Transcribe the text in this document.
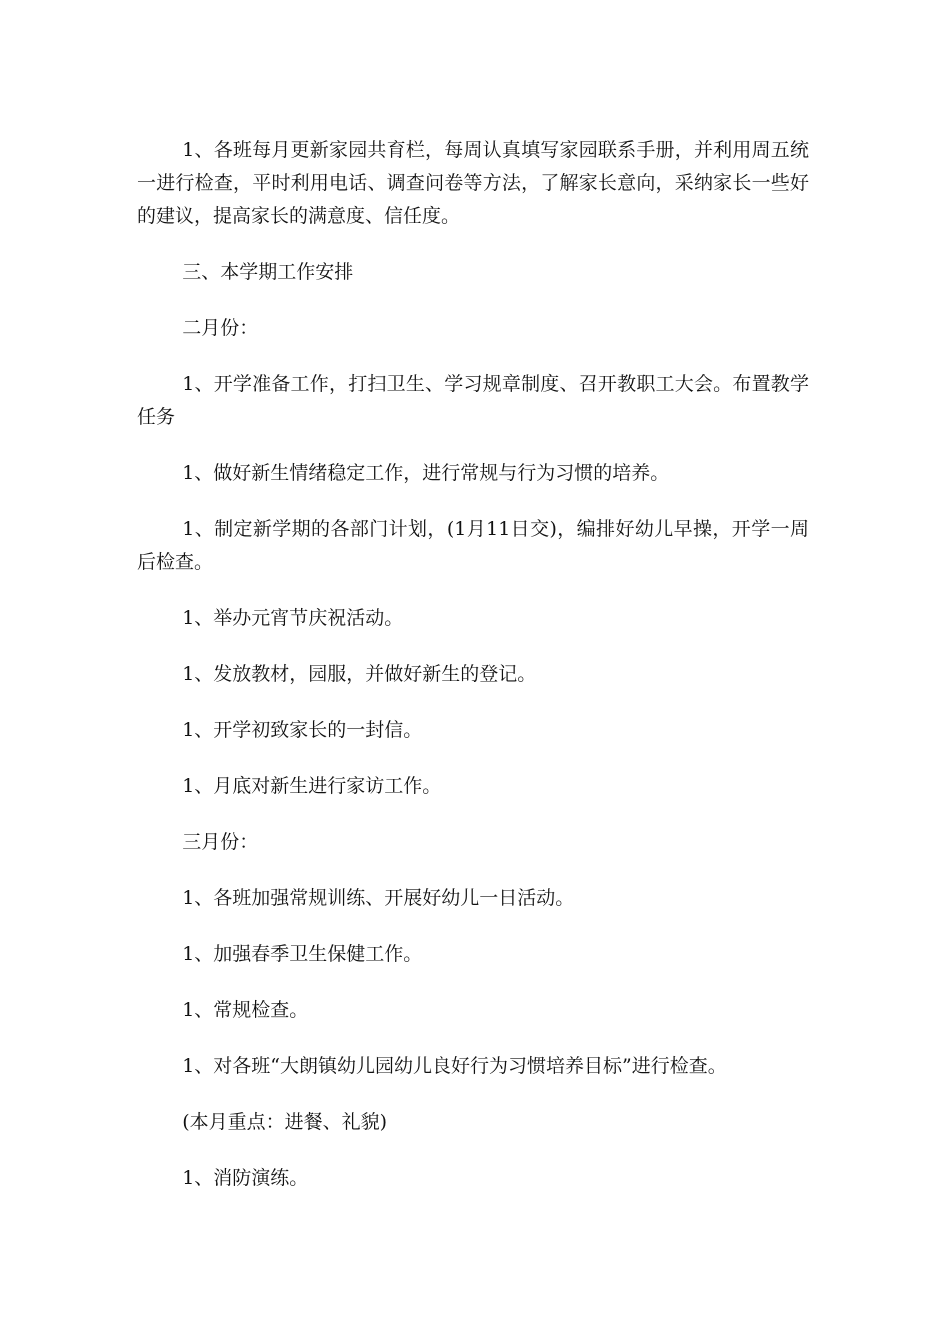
1、各班每月更新家园共育栏，每周认真填写家园联系手册，并利用周五统一进行检查，平时利用电话、调查问卷等方法，了解家长意向，采纳家长一些好的建议，提高家长的满意度、信任度。

三、本学期工作安排

二月份：

1、开学准备工作，打扫卫生、学习规章制度、召开教职工大会。布置教学任务

1、做好新生情绪稳定工作，进行常规与行为习惯的培养。

1、制定新学期的各部门计划，(1月11日交)，编排好幼儿早操，开学一周后检查。

1、举办元宵节庆祝活动。

1、发放教材，园服，并做好新生的登记。

1、开学初致家长的一封信。

1、月底对新生进行家访工作。

三月份：

1、各班加强常规训练、开展好幼儿一日活动。

1、加强春季卫生保健工作。

1、常规检查。

1、对各班“大朗镇幼儿园幼儿良好行为习惯培养目标”进行检查。

(本月重点：进餐、礼貌)

1、消防演练。
